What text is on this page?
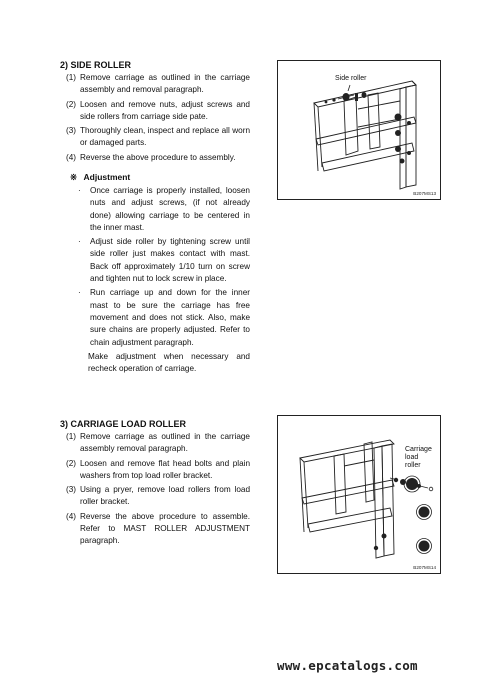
2) SIDE ROLLER
(1) Remove carriage as outlined in the carriage assembly and removal paragraph.
(2) Loosen and remove nuts, adjust screws and side rollers from carriage side pate.
(3) Thoroughly clean, inspect and replace all worn or damaged parts.
(4) Reverse the above procedure to assembly.
※ Adjustment
·	Once carriage is properly installed, loosen nuts and adjust screws, (if not already done) allowing carriage to be centered in the inner mast.
·	Adjust side roller by tightening screw until side roller just makes contact with mast. Back off approximately 1/10 turn on screw and tighten nut to lock screw in place.
·	Run carriage up and down for the inner mast to be sure the carriage has free movement and does not stick. Also, make sure chains are properly adjusted. Refer to chain adjustment paragraph.
Make adjustment when necessary and recheck operation of carriage.
Side roller
B207MS13
3) CARRIAGE LOAD ROLLER
(1) Remove carriage as outlined in the carriage assembly removal paragraph.
(2) Loosen and remove flat head bolts and plain washers from top load roller bracket.
(3) Using a pryer, remove load rollers from load roller bracket.
(4) Reverse the above procedure to assemble. Refer to MAST ROLLER ADJUSTMENT paragraph.
Carriage load
roller
B207MS14
www.epcatalogs.com
